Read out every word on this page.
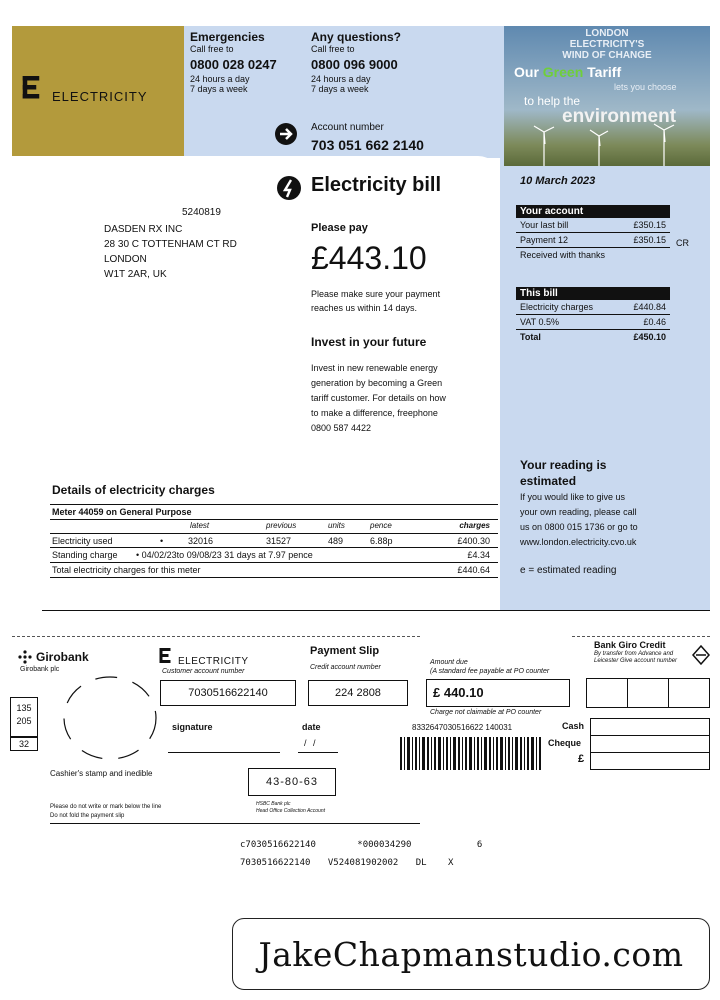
ELECTRICITY
Emergencies
Call free to
0800 028 0247
24 hours a day
7 days a week
Any questions?
Call free to
0800 096 9000
24 hours a day
7 days a week
Account number
703 051 662 2140
LONDON
ELECTRICITY'S
WIND OF CHANGE
Our Green Tariff
lets you choose
to help the
environment
Electricity bill	10 March 2023
5240819
DASDEN RX INC
28 30 C TOTTENHAM CT RD
LONDON
W1T 2AR, UK
Please pay
£443.10
Please make sure your payment
reaches us within 14 days.
Invest in your future
Invest in new renewable energy
generation by becoming a Green
tariff customer. For details on how
to make a difference, freephone
0800 587 4422
Your account
Your last bill	£350.15
Payment 12	£350.15
Received with thanks
CR
This bill
Electricity charges	£440.84
VAT 0.5%	£0.46
Total	£450.10
Your reading is
estimated
If you would like to give us
your own reading, please call
us on 0800 015 1736 or go to
www.london.electricity.cvo.uk
e = estimated reading
Details of electricity charges
Meter 44059 on General Purpose
latest	previous	units	pence	charges
Electricity used	•	32016	31527	489	6.88p	£400.30
Standing charge • 04/02/23to 09/08/23 31 days at 7.97 pence	£4.34
Total electricity charges for this meter	£440.64
Girobank
Girobank plc
135
205
32
ELECTRICITY
Customer account number
7030516622140
Payment Slip
Credit account number
224 2808
Amount due
(A standard fee payable at PO counter
£ 440.10
Charge not claimable at PO counter
Bank Giro Credit
By transfer from Advance and
Leicester Give account number
signature	date
/ /
8332647030516622 140031	Cash
Cheque
£
Cashier's stamp and inedible
43-80-63
HSBC Bank plc
Head Office Collection Account
Please do not write or mark below the line
Do not fold the payment slip
c7030516622140	*000034290	6
7030516622140 V524081902002 DL X
JakeChapmanstudio.com
